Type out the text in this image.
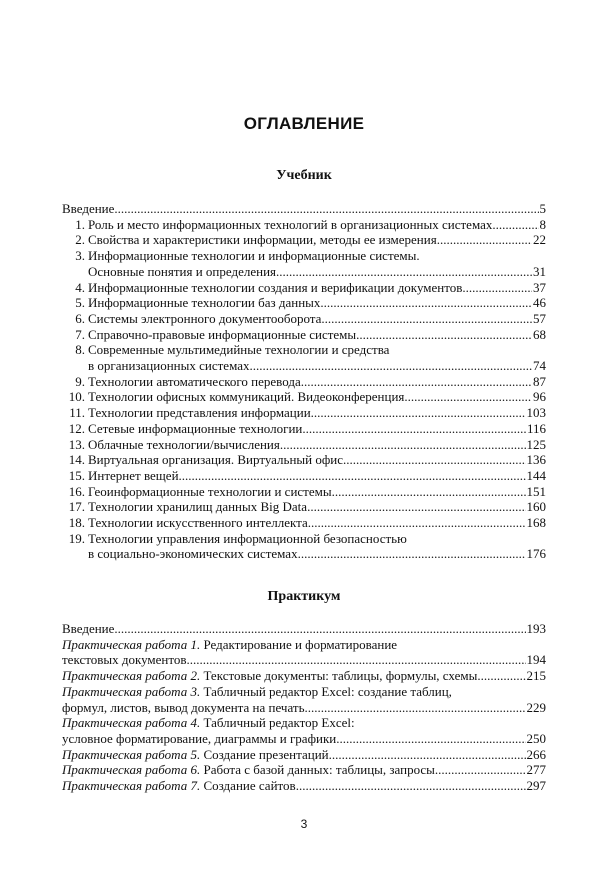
ОГЛАВЛЕНИЕ
Учебник
Введение .....	5
1. Роль и место информационных технологий в организационных системах .....	8
2. Свойства и характеристики информации, методы ее измерения .....	22
3. Информационные технологии и информационные системы.
Основные понятия и определения .....	31
4. Информационные технологии создания и верификации документов .....	37
5. Информационные технологии баз данных .....	46
6. Системы электронного документооборота .....	57
7. Справочно-правовые информационные системы .....	68
8. Современные мультимедийные технологии и средства
в организационных системах .....	74
9. Технологии автоматического перевода .....	87
10. Технологии офисных коммуникаций. Видеоконференция .....	96
11. Технологии представления информации .....	103
12. Сетевые информационные технологии .....	116
13. Облачные технологии/вычисления .....	125
14. Виртуальная организация. Виртуальный офис .....	136
15. Интернет вещей .....	144
16. Геоинформационные технологии и системы .....	151
17. Технологии хранилищ данных Big Data .....	160
18. Технологии искусственного интеллекта .....	168
19. Технологии управления информационной безопасностью
в социально-экономических системах .....	176
Практикум
Введение .....	193
Практическая работа 1. Редактирование и форматирование
текстовых документов .....	194
Практическая работа 2. Текстовые документы: таблицы, формулы, схемы .....	215
Практическая работа 3. Табличный редактор Excel: создание таблиц,
формул, листов, вывод документа на печать .....	229
Практическая работа 4. Табличный редактор Excel:
условное форматирование, диаграммы и графики .....	250
Практическая работа 5. Создание презентаций .....	266
Практическая работа 6. Работа с базой данных: таблицы, запросы .....	277
Практическая работа 7. Создание сайтов .....	297
3
